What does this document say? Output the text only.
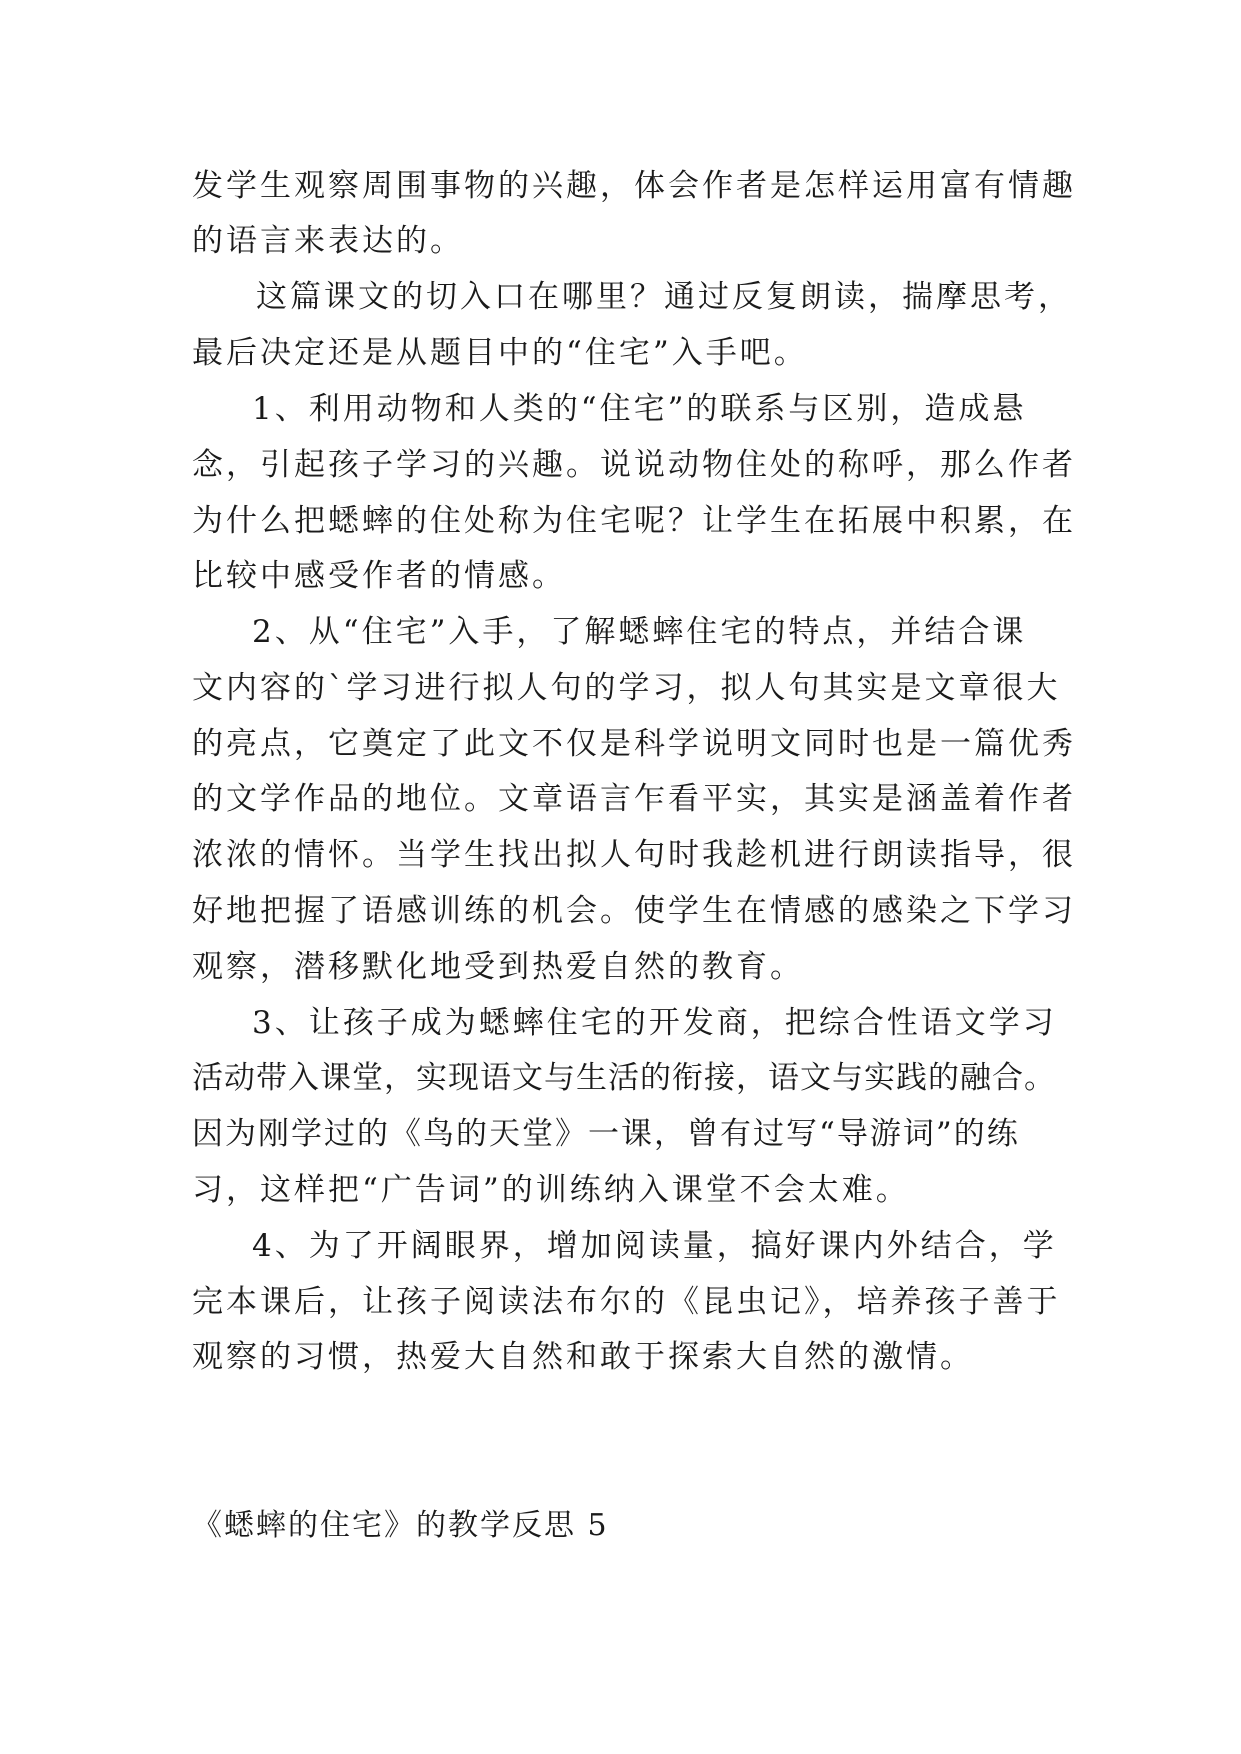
发学生观察周围事物的兴趣，体会作者是怎样运用富有情趣
的语言来表达的。
这篇课文的切入口在哪里？通过反复朗读，揣摩思考，
最后决定还是从题目中的“住宅”入手吧。
1、利用动物和人类的“住宅”的联系与区别，造成悬
念，引起孩子学习的兴趣。说说动物住处的称呼，那么作者
为什么把蟋蟀的住处称为住宅呢？让学生在拓展中积累，在
比较中感受作者的情感。
2、从“住宅”入手，了解蟋蟀住宅的特点，并结合课
文内容的`学习进行拟人句的学习，拟人句其实是文章很大
的亮点，它奠定了此文不仅是科学说明文同时也是一篇优秀
的文学作品的地位。文章语言乍看平实，其实是涵盖着作者
浓浓的情怀。当学生找出拟人句时我趁机进行朗读指导，很
好地把握了语感训练的机会。使学生在情感的感染之下学习
观察，潜移默化地受到热爱自然的教育。
3、让孩子成为蟋蟀住宅的开发商，把综合性语文学习
活动带入课堂，实现语文与生活的衔接，语文与实践的融合。
因为刚学过的《鸟的天堂》一课，曾有过写“导游词”的练
习，这样把“广告词”的训练纳入课堂不会太难。
4、为了开阔眼界，增加阅读量，搞好课内外结合，学
完本课后，让孩子阅读法布尔的《昆虫记》，培养孩子善于
观察的习惯，热爱大自然和敢于探索大自然的激情。
《蟋蟀的住宅》的教学反思 5
